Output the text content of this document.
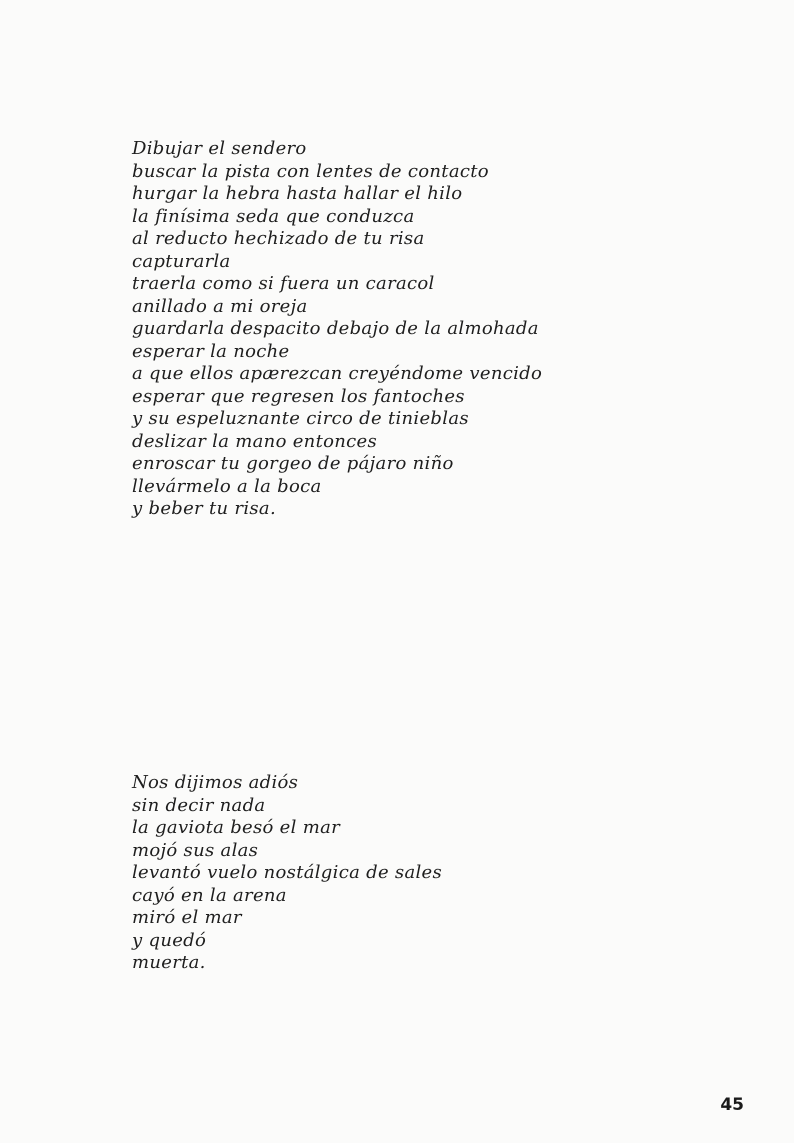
Dibujar el sendero
buscar la pista con lentes de contacto
hurgar la hebra hasta hallar el hilo
la finísima seda que conduzca
al reducto hechizado de tu risa
capturarla
traerla como si fuera un caracol
anillado a mi oreja
guardarla despacito debajo de la almohada
esperar la noche
a que ellos apærezcan creyéndome vencido
esperar que regresen los fantoches
y su espeluznante circo de tinieblas
deslizar la mano entonces
enroscar tu gorgeo de pájaro niño
llevármelo a la boca
y beber tu risa.
Nos dijimos adiós
sin decir nada
la gaviota besó el mar
mojó sus alas
levantó vuelo nostálgica de sales
cayó en la arena
miró el mar
y quedó
muerta.
45
